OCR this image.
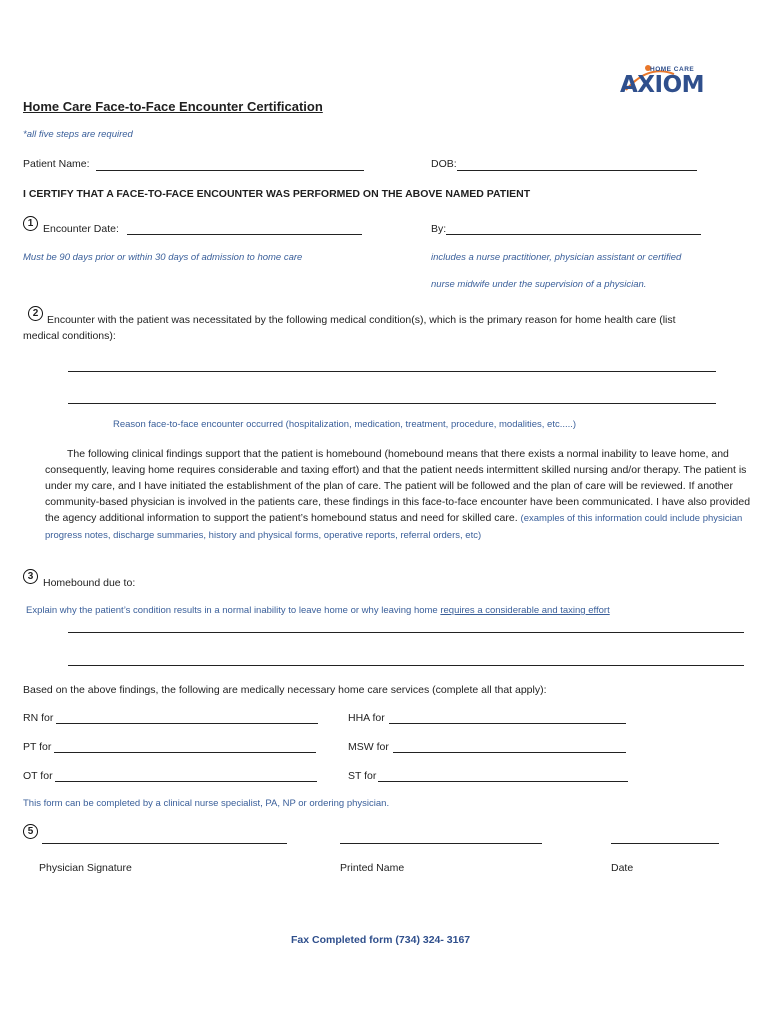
HOME CARE
AXIOM
Home Care Face-to-Face Encounter Certification
*all five steps are required
Patient Name:	DOB:
I CERTIFY THAT A FACE-TO-FACE ENCOUNTER WAS PERFORMED ON THE ABOVE NAMED PATIENT
1 Encounter Date:	By:
Must be 90 days prior or within 30 days of admission to home care	includes a nurse practitioner, physician assistant or certified
nurse midwife under the supervision of a physician.
2
Encounter with the patient was necessitated by the following medical condition(s), which is the primary reason for home health care (list
medical conditions):
Reason face-to-face encounter occurred (hospitalization, medication, treatment, procedure, modalities, etc.....)
The following clinical findings support that the patient is homebound (homebound means that there exists a normal inability to leave home, and consequently, leaving home requires considerable and taxing effort) and that the patient needs intermittent skilled nursing and/or therapy. The patient is under my care, and I have initiated the establishment of the plan of care. The patient will be followed and the plan of care will be reviewed. If another community-based physician is involved in the patients care, these findings in this face-to-face encounter have been communicated. I have also provided the agency additional information to support the patient’s homebound status and need for skilled care. (examples of this information could include physician progress notes, discharge summaries, history and physical forms, operative reports, referral orders, etc)
3
Homebound due to:
Explain why the patient’s condition results in a normal inability to leave home or why leaving home requires a considerable and taxing effort
Based on the above findings, the following are medically necessary home care services (complete all that apply):
RN for	HHA for
PT for	MSW for
OT for	ST for
This form can be completed by a clinical nurse specialist, PA, NP or ordering physician.
5
Physician Signature	Printed Name	Date
Fax Completed form (734) 324- 3167
